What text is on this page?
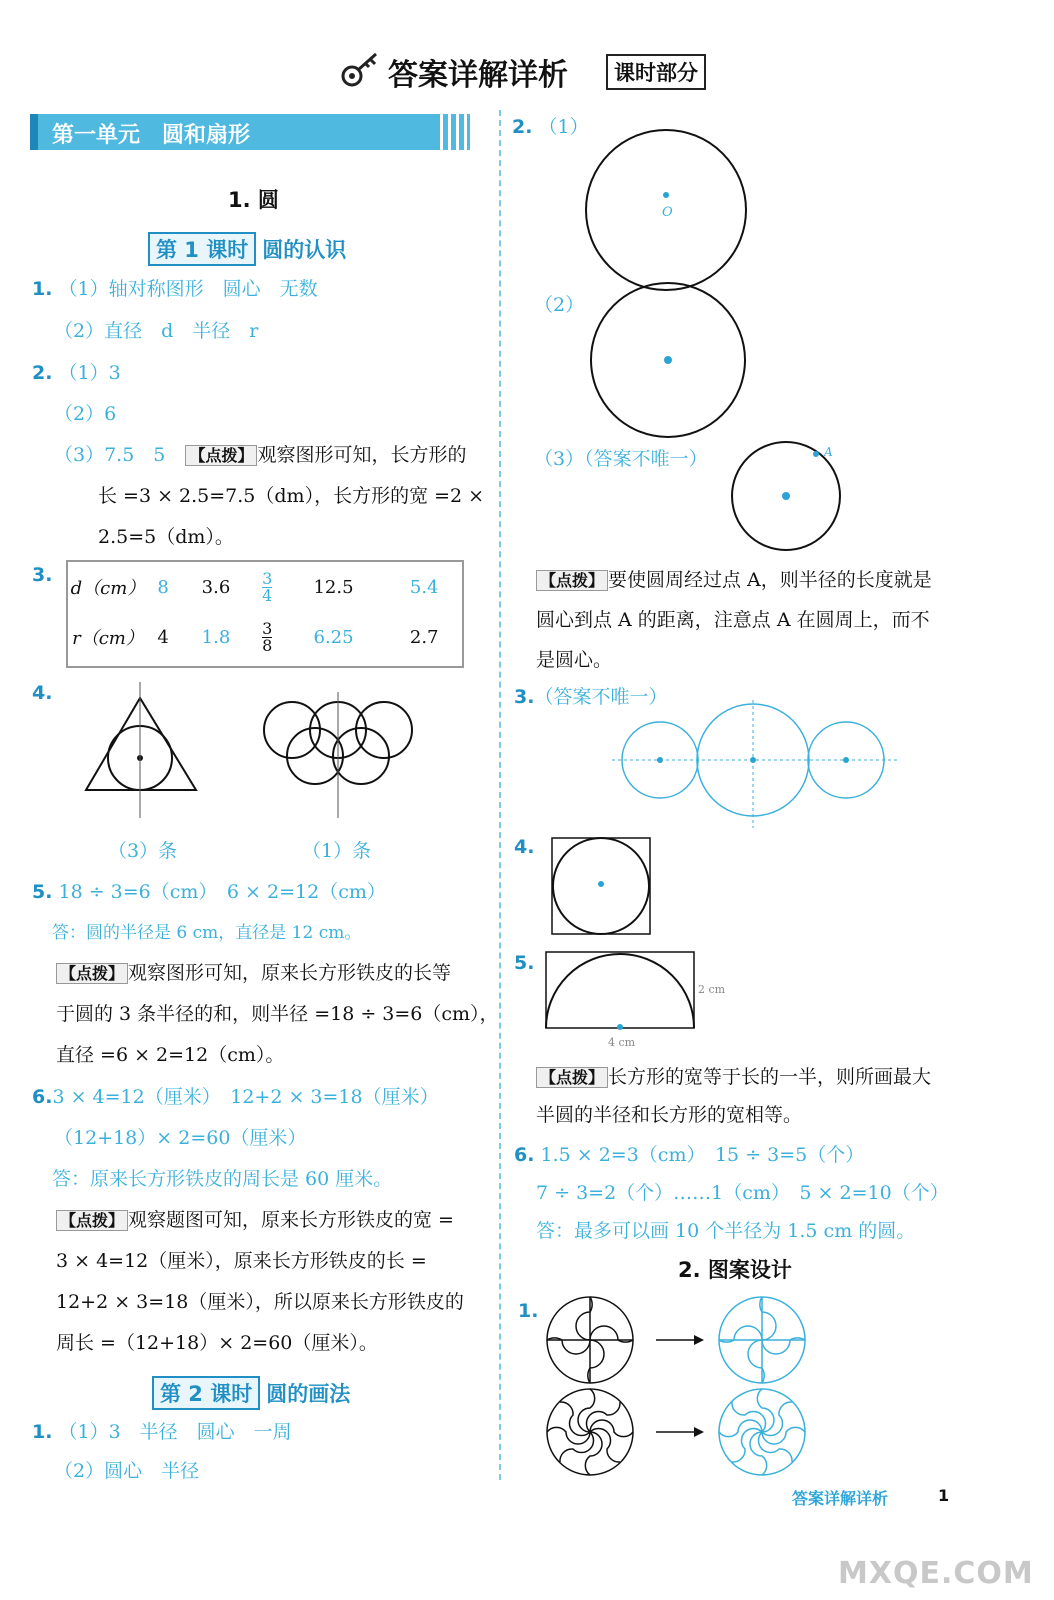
答案详解详析	课时部分
第一单元　圆和扇形
1. 圆
第 1 课时 圆的认识
1. （1）轴对称图形　圆心　无数
（2）直径　d　半径　r
2. （1）3
（2）6
（3）7.5　5 【点拨】 观察图形可知，长方形的
长 =3 × 2.5=7.5（dm），长方形的宽 =2 ×
2.5=5（dm）。
3.
d（cm）	8	3.6	$\frac{3}{4}$	12.5	5.4
r（cm）	4	1.8	$\frac{3}{8}$	6.25	2.7
4.
（3）条	（1）条
5. 18 ÷ 3=6（cm）　6 × 2=12（cm）
答：圆的半径是 6 cm，直径是 12 cm。
【点拨】 观察图形可知，原来长方形铁皮的长等
于圆的 3 条半径的和，则半径 =18 ÷ 3=6（cm），
直径 =6 × 2=12（cm）。
6.3 × 4=12（厘米）　12+2 × 3=18（厘米）
（12+18）× 2=60（厘米）
答：原来长方形铁皮的周长是 60 厘米。
【点拨】 观察题图可知，原来长方形铁皮的宽 =
3 × 4=12（厘米），原来长方形铁皮的长 =
12+2 × 3=18（厘米），所以原来长方形铁皮的
周长 =（12+18）× 2=60（厘米）。
第 2 课时 圆的画法
1. （1）3　半径　圆心　一周
（2）圆心　半径
2. （1）
O
（2）
（3）（答案不唯一）	A
【点拨】 要使圆周经过点 A，则半径的长度就是
圆心到点 A 的距离，注意点 A 在圆周上，而不
是圆心。
3.（答案不唯一）
4.
5.
2 cm
4 cm
【点拨】 长方形的宽等于长的一半，则所画最大
半圆的半径和长方形的宽相等。
6. 1.5 × 2=3（cm）　15 ÷ 3=5（个）
7 ÷ 3=2（个）……1（cm）　5 × 2=10（个）
答：最多可以画 10 个半径为 1.5 cm 的圆。
2. 图案设计
1.
答案详解详析	1
MXQE.COM
